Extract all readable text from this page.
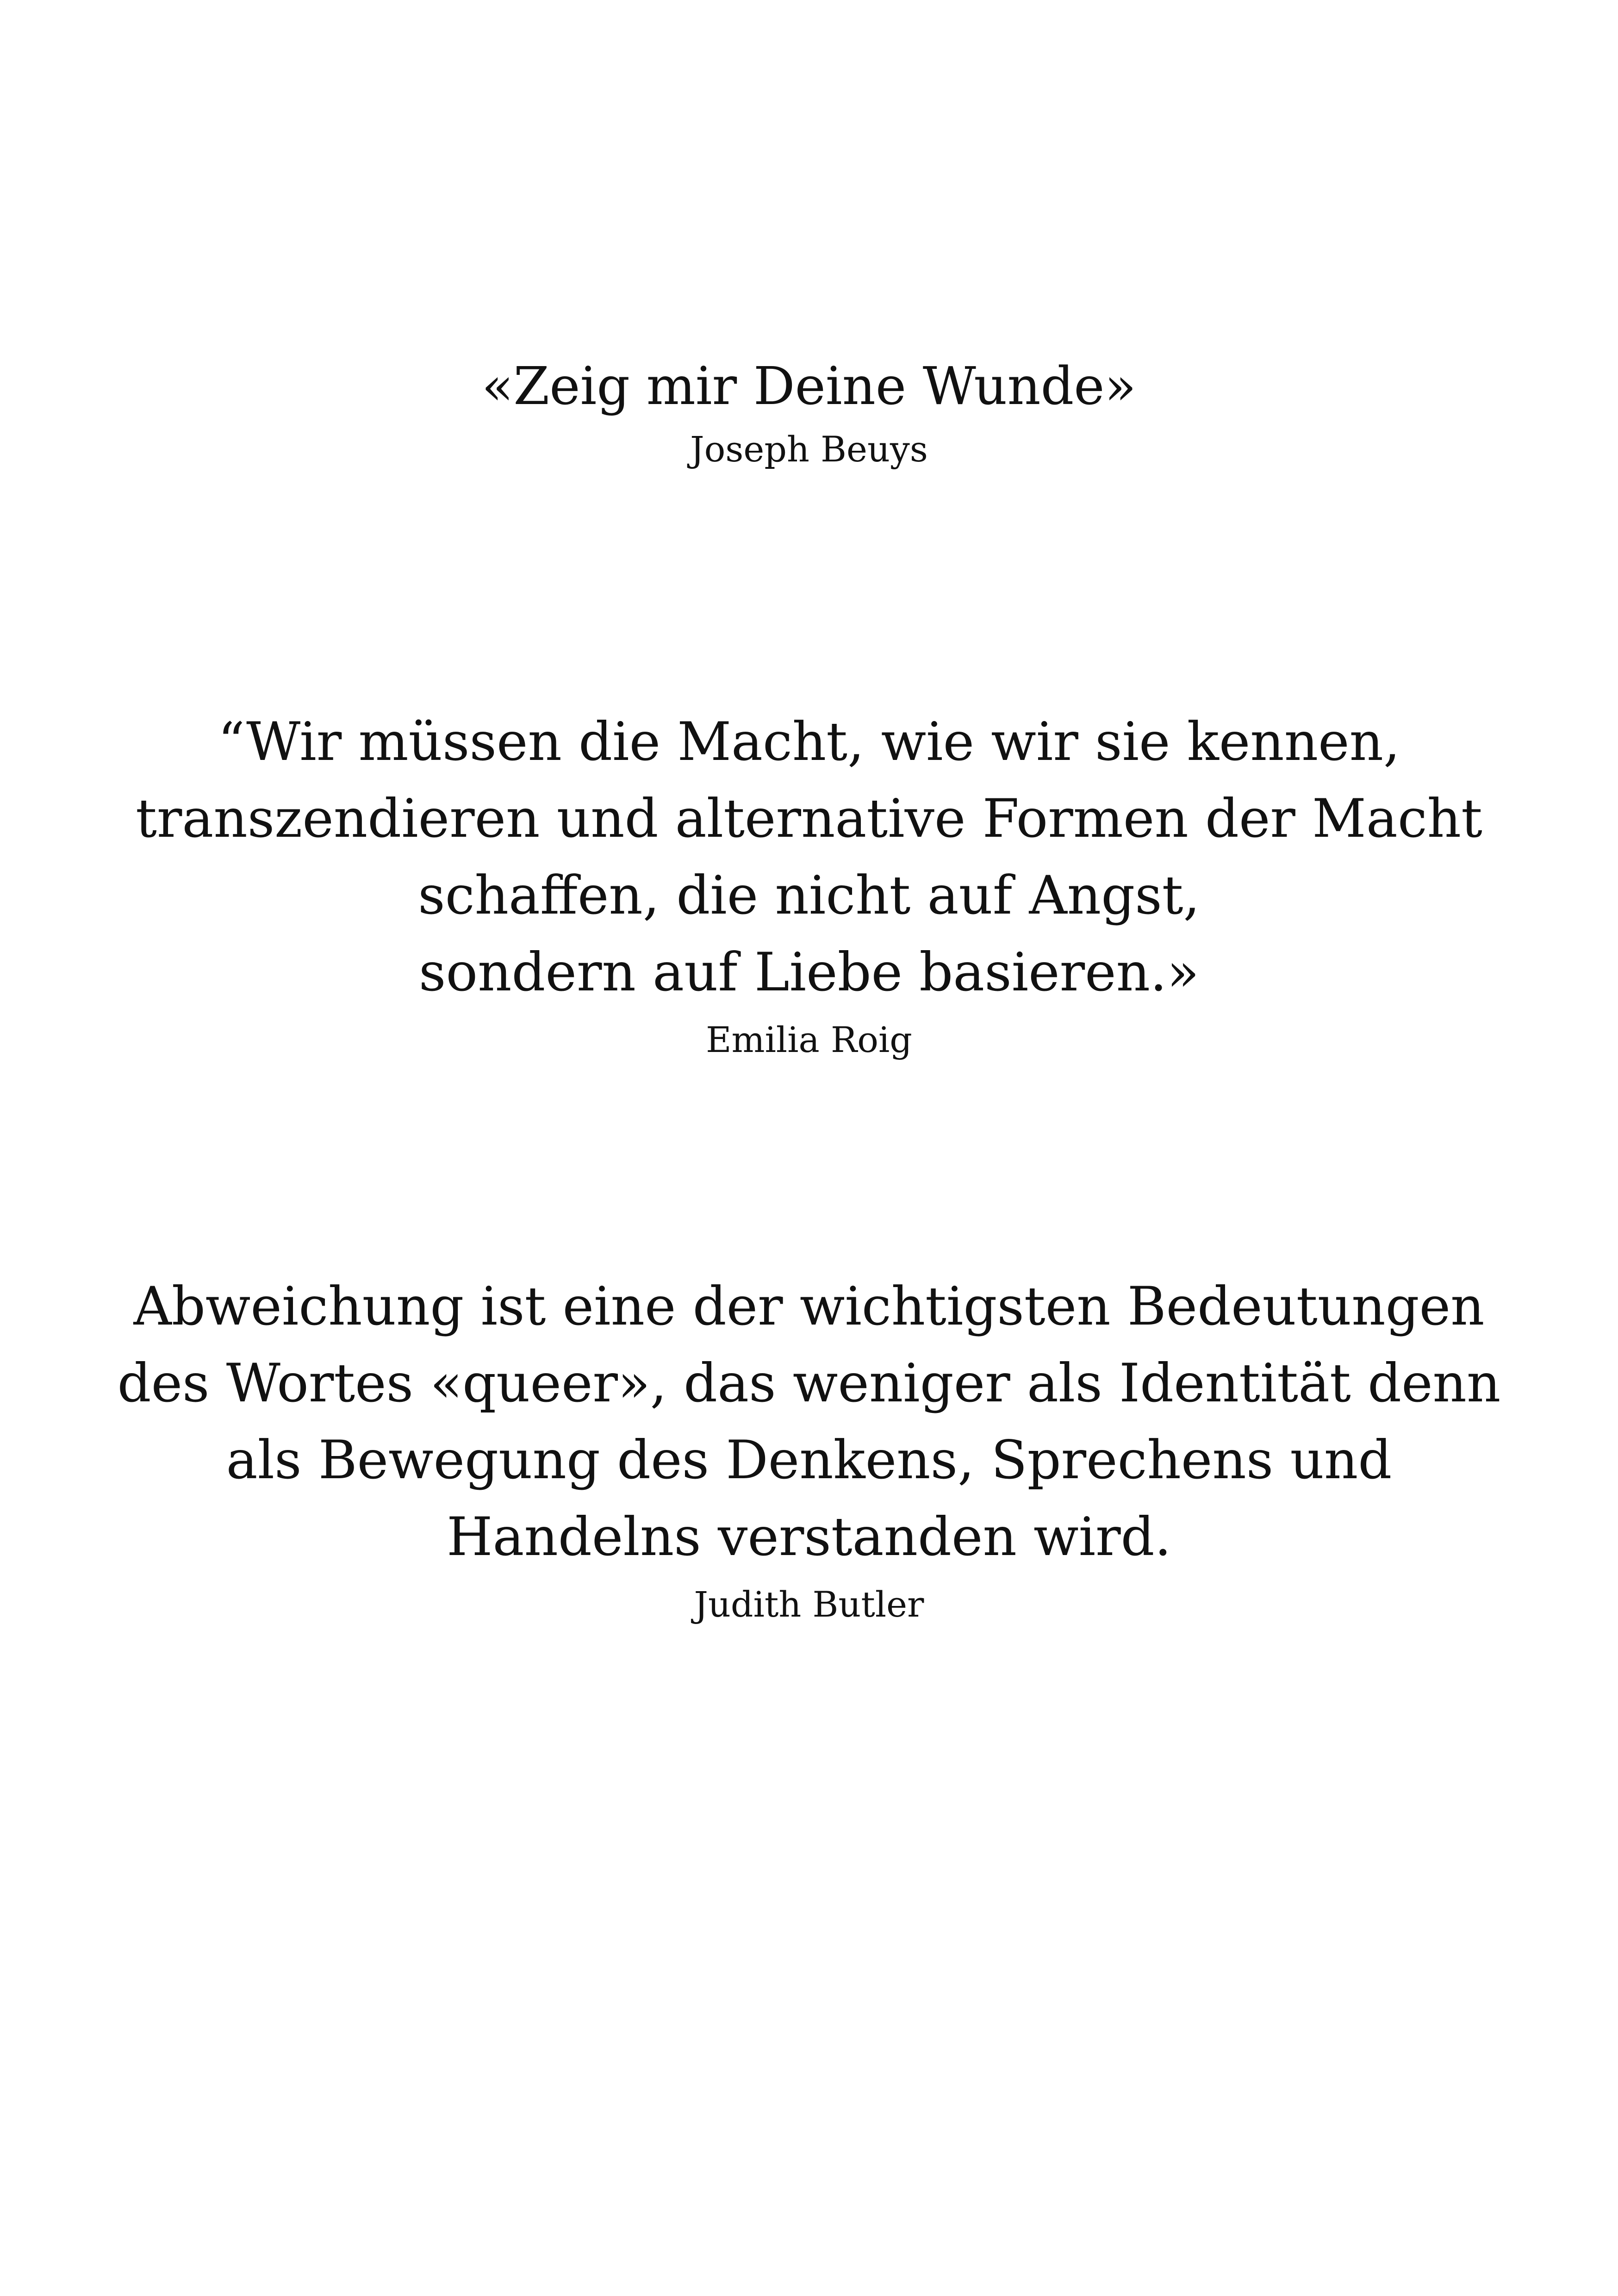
«Zeig mir Deine Wunde»
Joseph Beuys
“Wir müssen die Macht, wie wir sie kennen,
transzendieren und alternative Formen der Macht
schaffen, die nicht auf Angst,
sondern auf Liebe basieren.»
Emilia Roig
Abweichung ist eine der wichtigsten Bedeutungen
des Wortes «queer», das weniger als Identität denn
als Bewegung des Denkens, Sprechens und
Handelns verstanden wird.
Judith Butler
